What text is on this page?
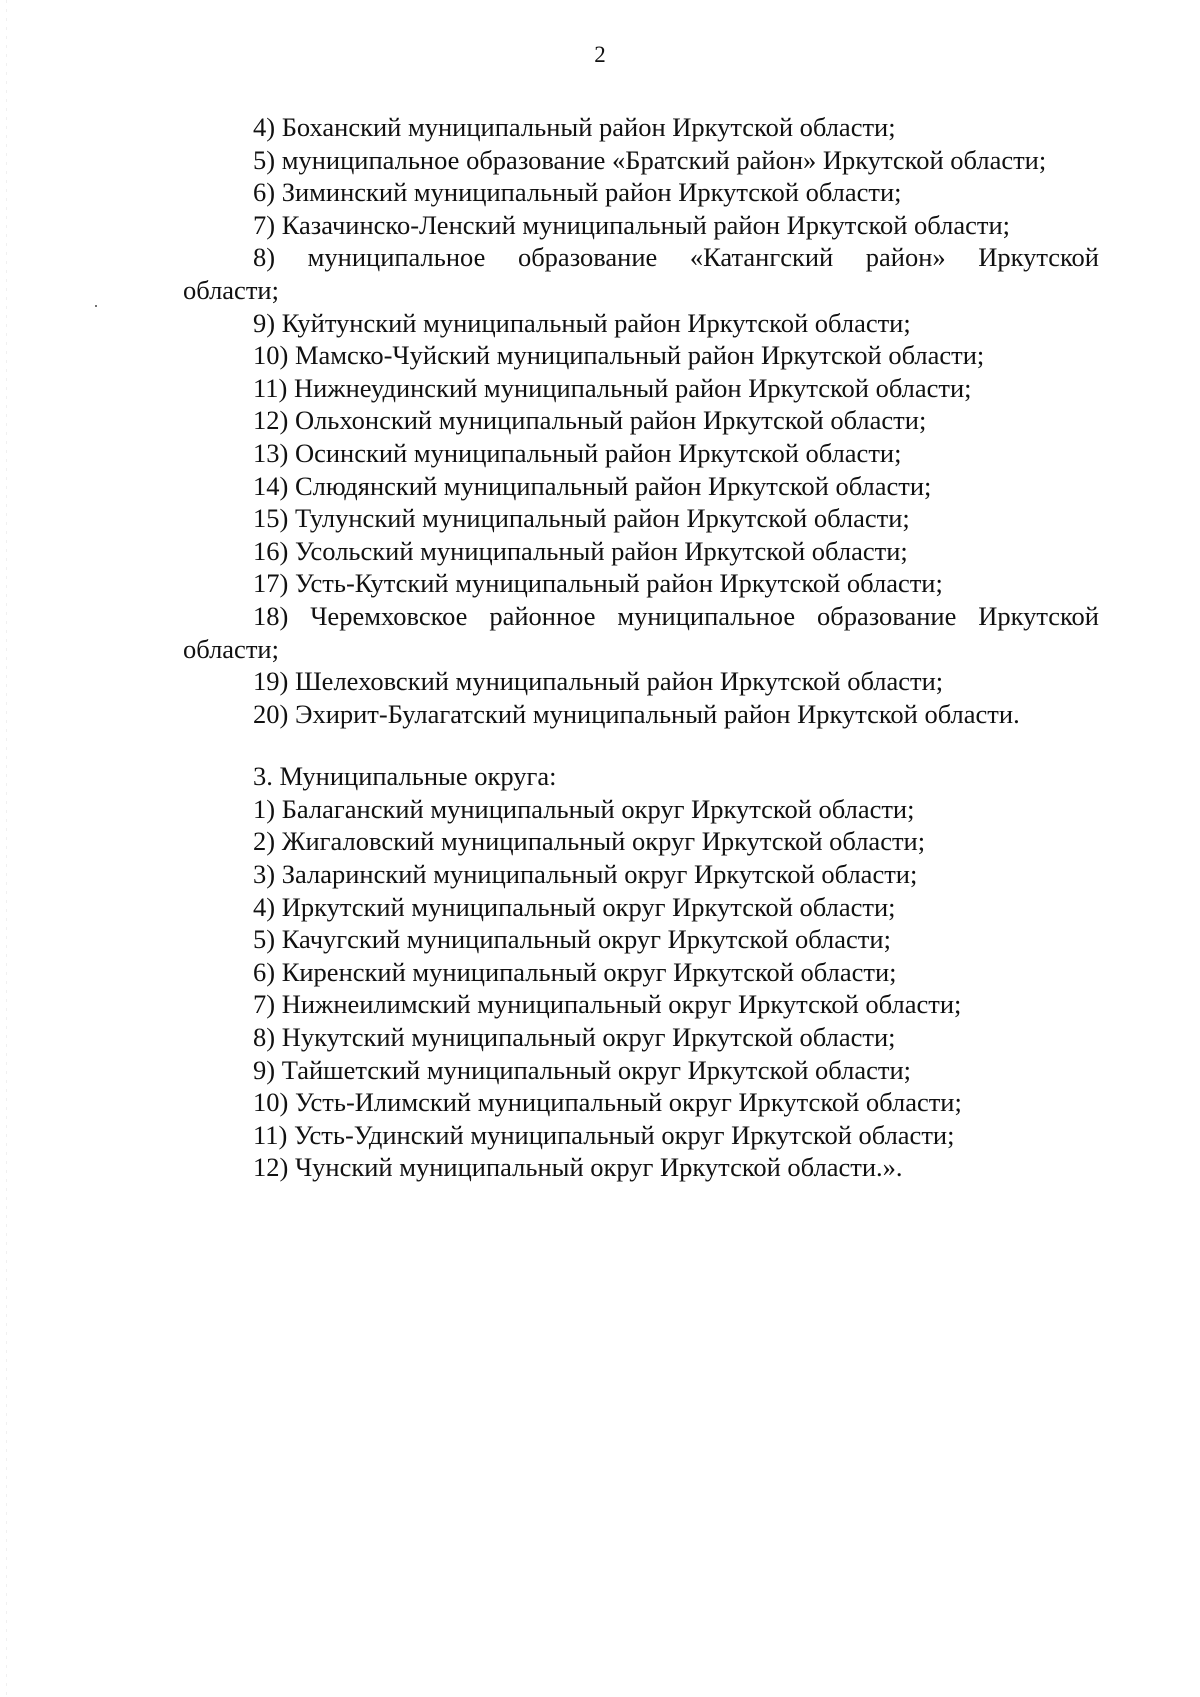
2

4) Боханский муниципальный район Иркутской области;

5) муниципальное образование «Братский район» Иркутской области;

6) Зиминский муниципальный район Иркутской области;

7) Казачинско-Ленский муниципальный район Иркутской области;

8) муниципальное образование «Катангский район» Иркутской области;

9) Куйтунский муниципальный район Иркутской области;

10) Мамско-Чуйский муниципальный район Иркутской области;

11) Нижнеудинский муниципальный район Иркутской области;

12) Ольхонский муниципальный район Иркутской области;

13) Осинский муниципальный район Иркутской области;

14) Слюдянский муниципальный район Иркутской области;

15) Тулунский муниципальный район Иркутской области;

16) Усольский муниципальный район Иркутской области;

17) Усть-Кутский муниципальный район Иркутской области;

18) Черемховское районное муниципальное образование Иркутской области;

19) Шелеховский муниципальный район Иркутской области;

20) Эхирит-Булагатский муниципальный район Иркутской области.

3. Муниципальные округа:

1) Балаганский муниципальный округ Иркутской области;

2) Жигаловский муниципальный округ Иркутской области;

3) Заларинский муниципальный округ Иркутской области;

4) Иркутский муниципальный округ Иркутской области;

5) Качугский муниципальный округ Иркутской области;

6) Киренский муниципальный округ Иркутской области;

7) Нижнеилимский муниципальный округ Иркутской области;

8) Нукутский муниципальный округ Иркутской области;

9) Тайшетский муниципальный округ Иркутской области;

10) Усть-Илимский муниципальный округ Иркутской области;

11) Усть-Удинский муниципальный округ Иркутской области;

12) Чунский муниципальный округ Иркутской области.».
